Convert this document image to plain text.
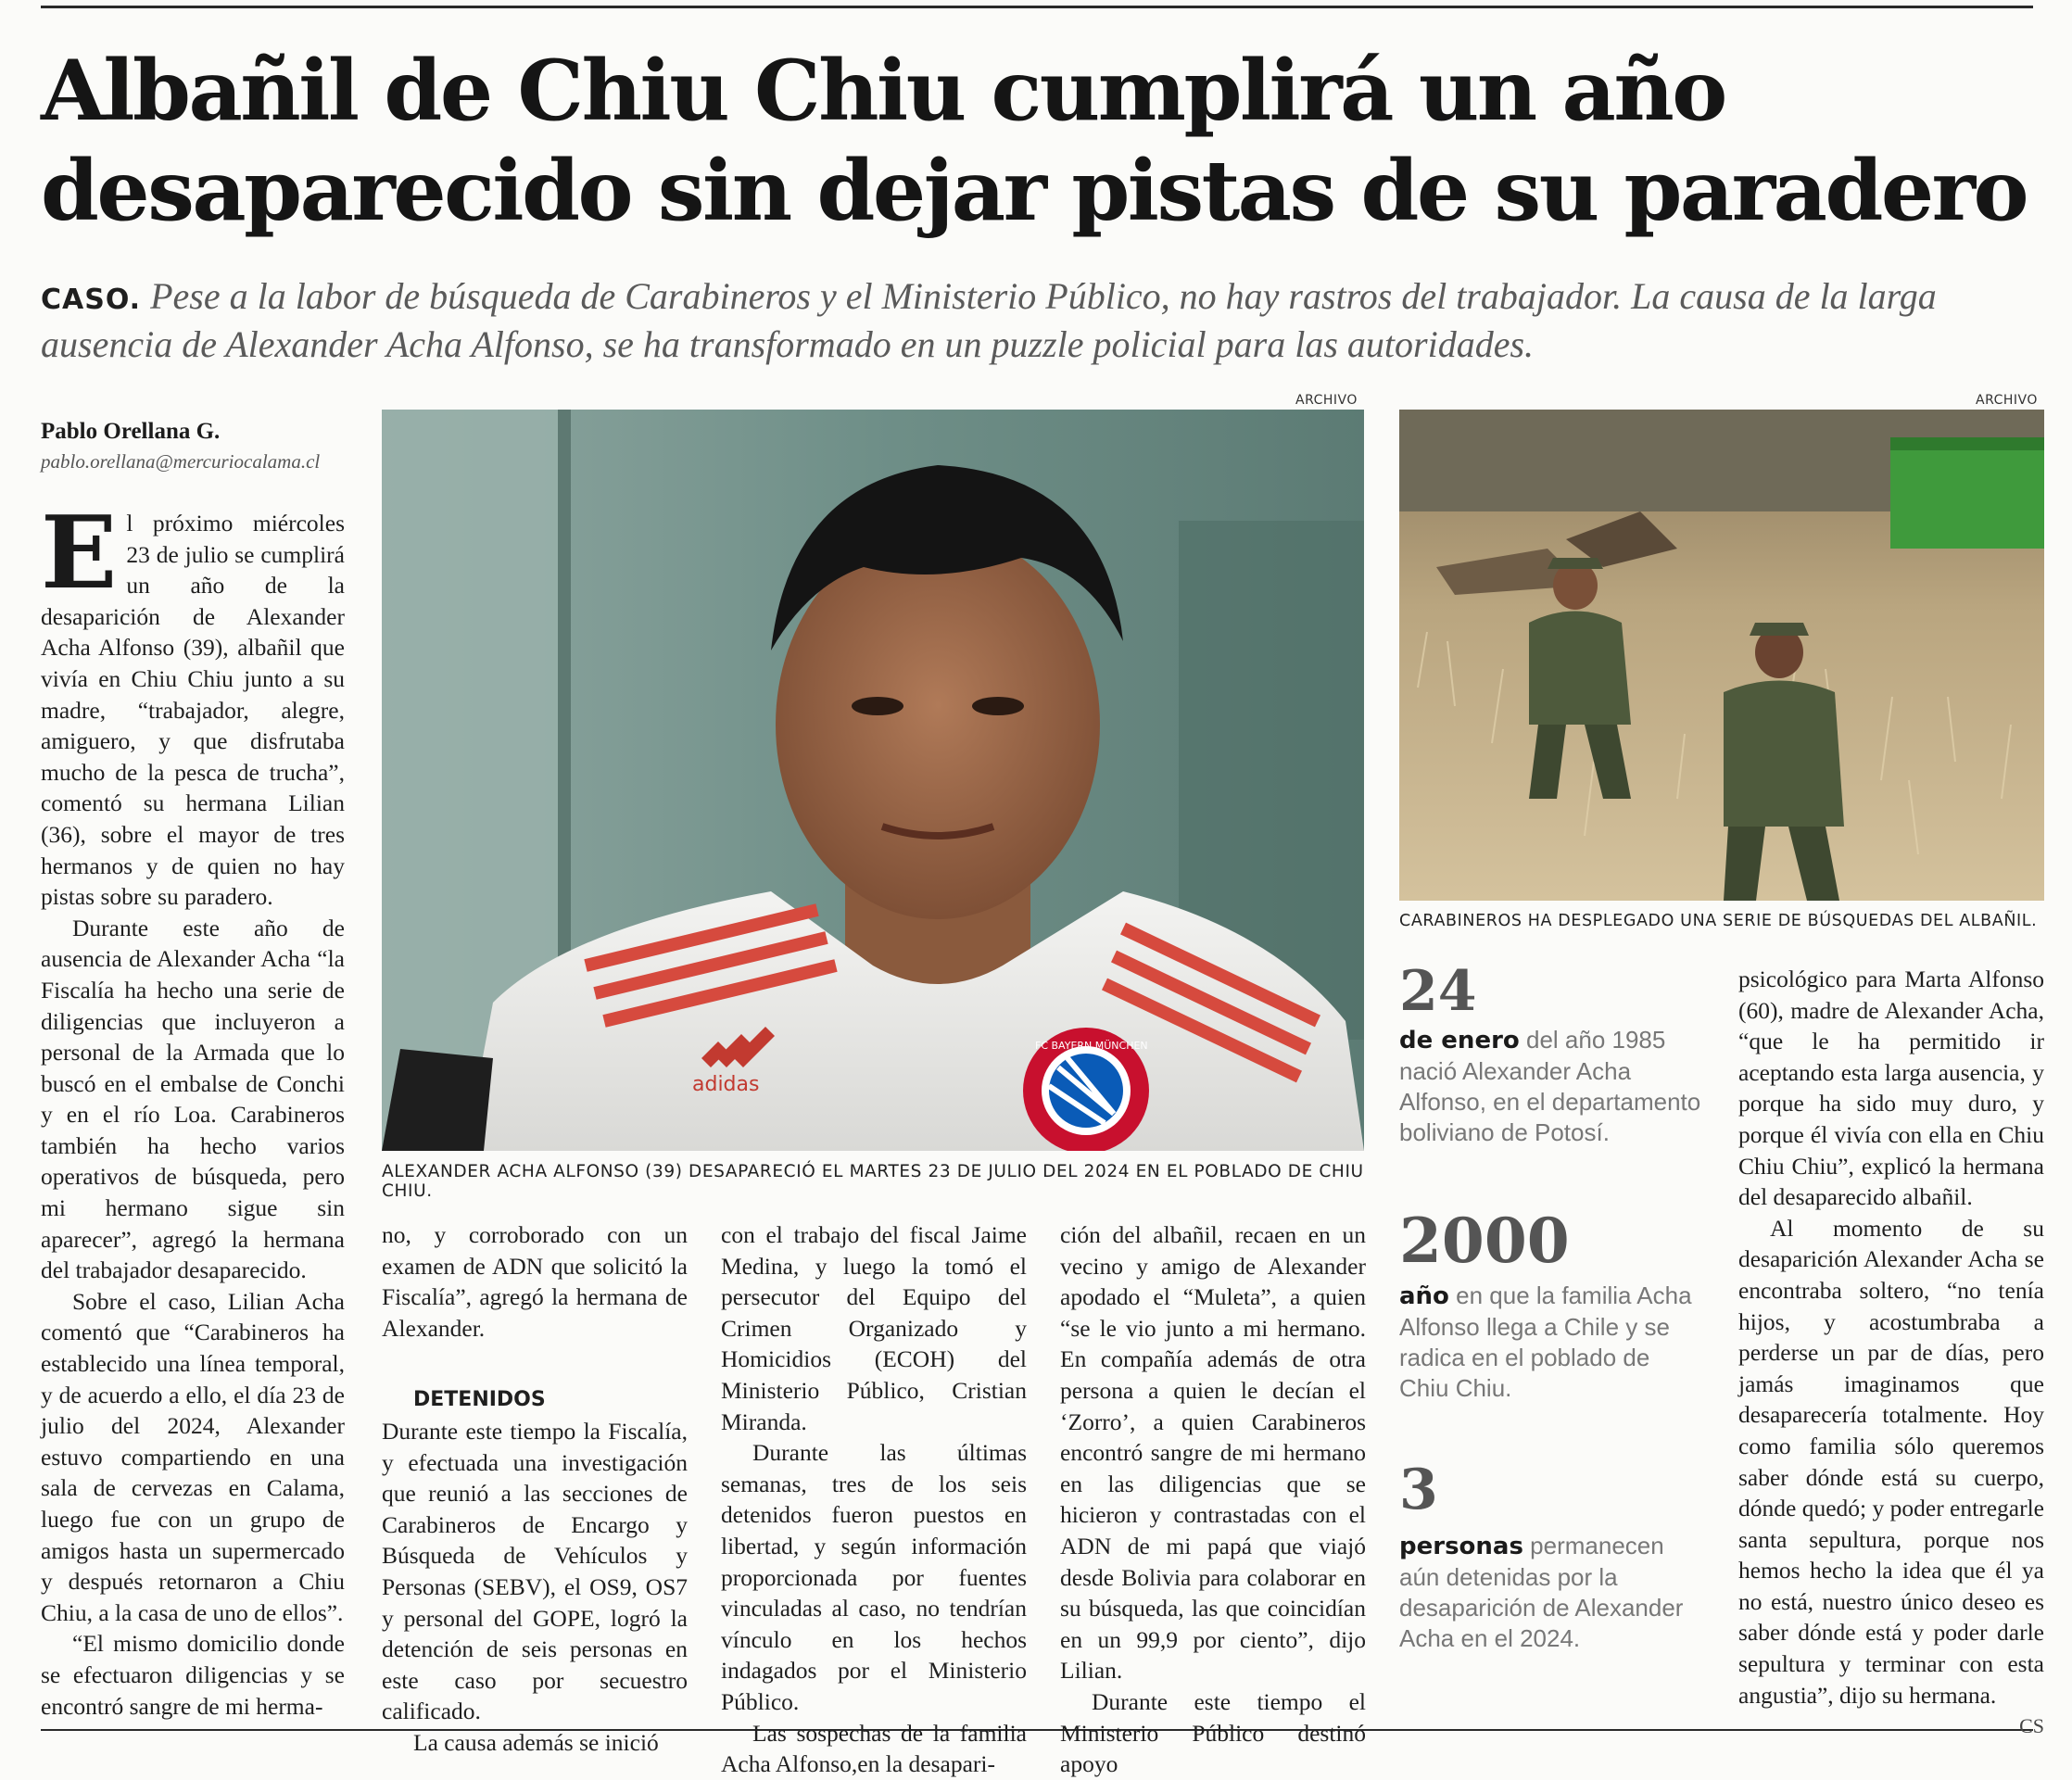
Albañil de Chiu Chiu cumplirá un año
desaparecido sin dejar pistas de su paradero
CASO. Pese a la labor de búsqueda de Carabineros y el Ministerio Público, no hay rastros del trabajador. La causa de la larga ausencia de Alexander Acha Alfonso, se ha transformado en un puzzle policial para las autoridades.
Pablo Orellana G.
pablo.orellana@mercuriocalama.cl

El próximo miércoles 23 de julio se cumplirá un año de la desaparición de Alexander Acha Alfonso (39), albañil que vivía en Chiu Chiu junto a su madre, “trabajador, alegre, amiguero, y que disfrutaba mucho de la pesca de trucha”, comentó su hermana Lilian (36), sobre el mayor de tres hermanos y de quien no hay pistas sobre su paradero.

Durante este año de ausencia de Alexander Acha “la Fiscalía ha hecho una serie de diligencias que incluyeron a personal de la Armada que lo buscó en el embalse de Conchi y en el río Loa. Carabineros también ha hecho varios operativos de búsqueda, pero mi hermano sigue sin aparecer”, agregó la hermana del trabajador desaparecido.

Sobre el caso, Lilian Acha comentó que “Carabineros ha establecido una línea temporal, y de acuerdo a ello, el día 23 de julio del 2024, Alexander estuvo compartiendo en una sala de cervezas en Calama, luego fue con un grupo de amigos hasta un supermercado y después retornaron a Chiu Chiu, a la casa de uno de ellos”.

“El mismo domicilio donde se efectuaron diligencias y se encontró sangre de mi herma-

ARCHIVO
adidas
FC BAYERN MÜNCHEN
ALEXANDER ACHA ALFONSO (39) DESAPARECIÓ EL MARTES 23 DE JULIO DEL 2024 EN EL POBLADO DE CHIU CHIU.

no, y corroborado con un examen de ADN que solicitó la Fiscalía”, agregó la hermana de Alexander.

DETENIDOS

Durante este tiempo la Fiscalía, y efectuada una investigación que reunió a las secciones de Carabineros de Encargo y Búsqueda de Vehículos y Personas (SEBV), el OS9, OS7 y personal del GOPE, logró la detención de seis personas en este caso por secuestro calificado.

La causa además se inició

con el trabajo del fiscal Jaime Medina, y luego la tomó el persecutor del Equipo del Crimen Organizado y Homicidios (ECOH) del Ministerio Público, Cristian Miranda.

Durante las últimas semanas, tres de los seis detenidos fueron puestos en libertad, y según información proporcionada por fuentes vinculadas al caso, no tendrían vínculo en los hechos indagados por el Ministerio Público.

Las sospechas de la familia Acha Alfonso,en la desapari-

ción del albañil, recaen en un vecino y amigo de Alexander apodado el “Muleta”, a quien “se le vio junto a mi hermano. En compañía además de otra persona a quien le decían el ‘Zorro’, a quien Carabineros encontró sangre de mi hermano en las diligencias que se hicieron y contrastadas con el ADN de mi papá que viajó desde Bolivia para colaborar en su búsqueda, las que coincidían en un 99,9 por ciento”, dijo Lilian.

Durante este tiempo el Ministerio Público destinó apoyo

ARCHIVO
CARABINEROS HA DESPLEGADO UNA SERIE DE BÚSQUEDAS DEL ALBAÑIL.
24
de enero del año 1985 nació Alexander Acha Alfonso, en el departamento boliviano de Potosí.
2000
año en que la familia Acha Alfonso llega a Chile y se radica en el poblado de Chiu Chiu.
3
personas permanecen aún detenidas por la desaparición de Alexander Acha en el 2024.

psicológico para Marta Alfonso (60), madre de Alexander Acha, “que le ha permitido ir aceptando esta larga ausencia, y porque ha sido muy duro, y porque él vivía con ella en Chiu Chiu Chiu”, explicó la hermana del desaparecido albañil.

Al momento de su desaparición Alexander Acha se encontraba soltero, “no tenía hijos, y acostumbraba a perderse un par de días, pero jamás imaginamos que desaparecería totalmente. Hoy como familia sólo queremos saber dónde está su cuerpo, dónde quedó; y poder entregarle santa sepultura, porque nos hemos hecho la idea que él ya no está, nuestro único deseo es saber dónde está y poder darle sepultura y terminar con esta angustia”, dijo su hermana.
CS
